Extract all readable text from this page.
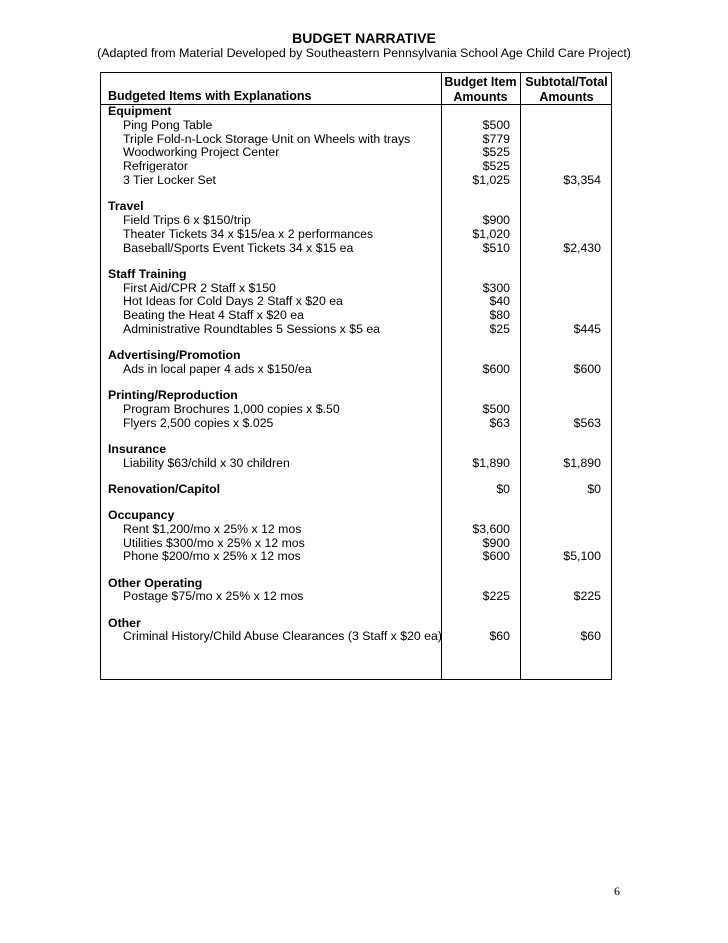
BUDGET NARRATIVE
(Adapted from Material Developed by Southeastern Pennsylvania School Age Child Care Project)
Budgeted Items with Explanations
Budget Item
Amounts
Subtotal/Total
Amounts
Equipment
Ping Pong Table	$500
Triple Fold-n-Lock Storage Unit on Wheels with trays	$779
Woodworking Project Center	$525
Refrigerator	$525
3 Tier Locker Set	$1,025	$3,354
Travel
Field Trips 6 x $150/trip	$900
Theater Tickets 34 x $15/ea x 2 performances	$1,020
Baseball/Sports Event Tickets 34 x $15 ea	$510	$2,430
Staff Training
First Aid/CPR 2 Staff x $150	$300
Hot Ideas for Cold Days 2 Staff x $20 ea	$40
Beating the Heat 4 Staff x $20 ea	$80
Administrative Roundtables 5 Sessions x $5 ea	$25	$445
Advertising/Promotion
Ads in local paper 4 ads x $150/ea	$600	$600
Printing/Reproduction
Program Brochures 1,000 copies x $.50	$500
Flyers 2,500 copies x $.025	$63	$563
Insurance
Liability $63/child x 30 children	$1,890	$1,890
Renovation/Capitol	$0	$0
Occupancy
Rent $1,200/mo x 25% x 12 mos	$3,600
Utilities $300/mo x 25% x 12 mos	$900
Phone $200/mo x 25% x 12 mos	$600	$5,100
Other Operating
Postage $75/mo x 25% x 12 mos	$225	$225
Other
Criminal History/Child Abuse Clearances (3 Staff x $20 ea)	$60	$60
6
